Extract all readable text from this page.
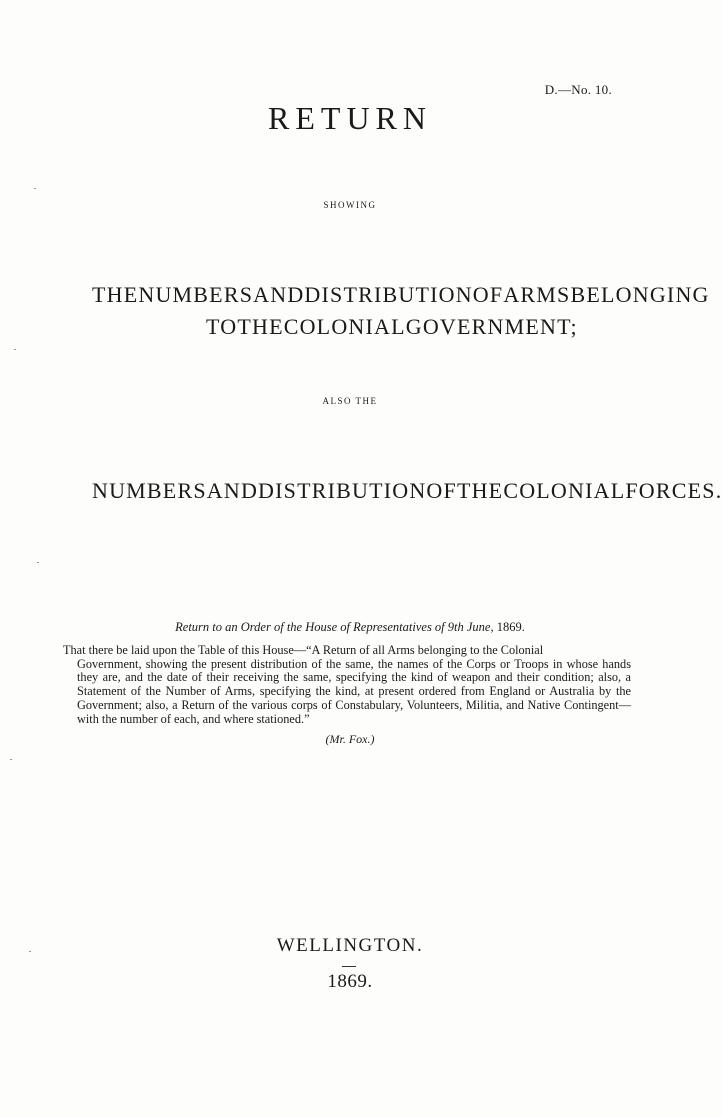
D.—No. 10.
RETURN
SHOWING
THE NUMBERS AND DISTRIBUTION OF ARMS BELONGING
TO THE COLONIAL GOVERNMENT;
ALSO THE
NUMBERS AND DISTRIBUTION OF THE COLONIAL FORCES.
Return to an Order of the House of Representatives of 9th June, 1869.
That there be laid upon the Table of this House—“A Return of all Arms belonging to the Colonial
Government, showing the present distribution of the same, the names of the Corps or Troops in whose hands they are, and the date of their receiving the same, specifying the kind of weapon and their condition; also, a Statement of the Number of Arms, specifying the kind, at present ordered from England or Australia by the Government; also, a Return of the various corps of Constabulary, Volunteers, Militia, and Native Contingent—with the number of each, and where stationed.”
(Mr. Fox.)
WELLINGTON.
1869.
